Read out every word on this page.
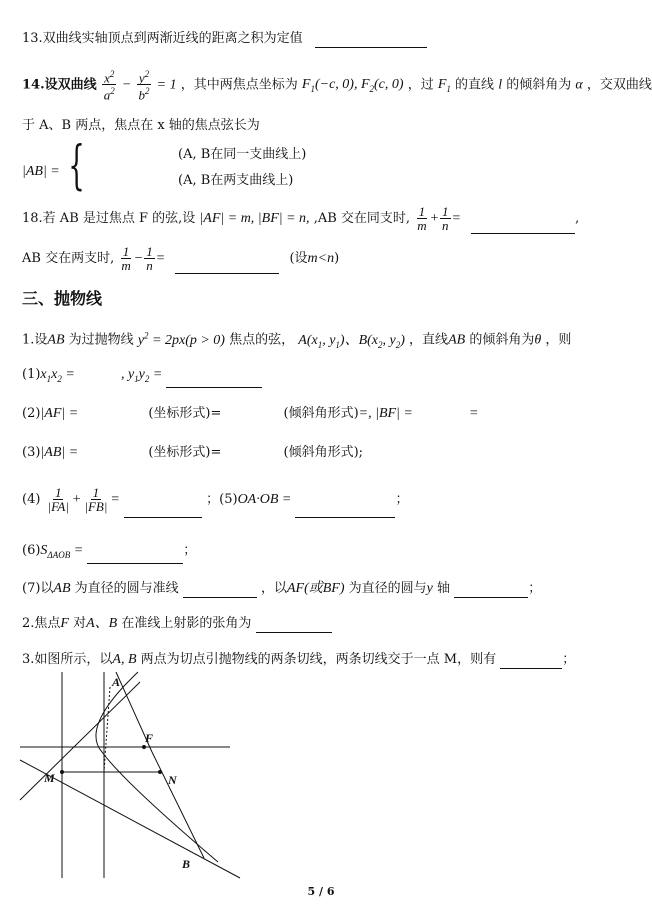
13.双曲线实轴顶点到两渐近线的距离之积为定值
14.设双曲线 $\frac{x^2}{a^2} - \frac{y^2}{b^2} = 1$ ，其中两焦点坐标为 $F_1(-c$, 0), $F_2(c$, 0) ，过 $F_1$ 的直线 l 的倾斜角为 α ，交双曲线
于 A、B 两点，焦点在 x 轴的焦点弦长为
|AB| = {	(A, B在同一支曲线上)
(A, B在两支曲线上)
18.若 AB 是过焦点 F 的弦,设 |AF| = m, |BF| = n, ,AB 交在同支时, $\frac{1}{m} + \frac{1}{n}$ =	,
AB 交在两支时, $\frac{1}{m} - \frac{1}{n}$ =	(设m<n)
三、抛物线
1.设AB 为过抛物线 $y^2 = 2px(p > 0)$ 焦点的弦， $A(x_1$, $y_1$)、$B(x_2$, $y_2$) ，直线AB 的倾斜角为θ ，则
$(1)x_1x_2$ =	, $y_1y_2$ =
(2)|AF| =	(坐标形式)=	(倾斜角形式)=, |BF| =	=
(3)|AB| =	(坐标形式)=	(倾斜角形式);
$(4) \frac{1}{|FA|} + \frac{1}{|FB|}$ =	；(5)OA·OB =	；
$(6)S_{\Delta AOB}$ =	；
(7)以AB 为直径的圆与准线	，以AF(或BF) 为直径的圆与y 轴	；
2.焦点F 对A、B 在准线上射影的张角为
3.如图所示，以A, B 两点为切点引抛物线的两条切线，两条切线交于一点 M，则有	；
A
F
M	N
B
5 / 6
